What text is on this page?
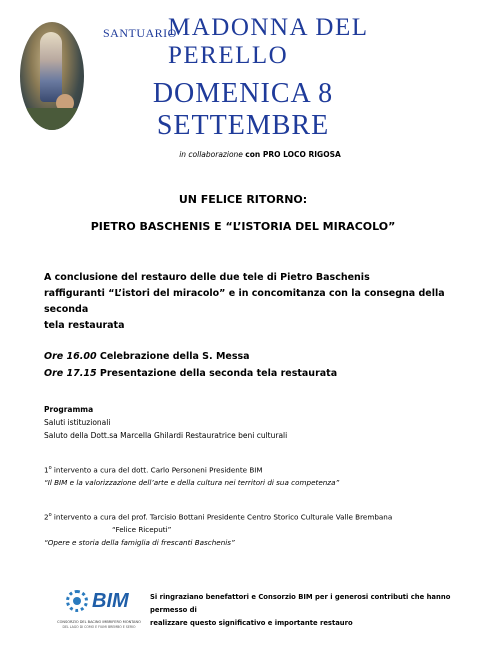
SANTUARIO
MADONNA DEL PERELLO
DOMENICA 8 SETTEMBRE
in collaborazione con PRO LOCO RIGOSA
UN FELICE RITORNO:
PIETRO BASCHENIS E “L’ISTORIA DEL MIRACOLO”
A conclusione del restauro delle due tele di Pietro Baschenis
raffiguranti “L’istori del miracolo” e in concomitanza con la consegna della seconda
tela restaurata
Ore 16.00 Celebrazione della S. Messa
Ore 17.15 Presentazione della seconda tela restaurata
Programma
Saluti istituzionali
Saluto della Dott.sa Marcella Ghilardi Restauratrice beni culturali
1$^o$ intervento a cura del dott. Carlo Personeni Presidente BIM
“Il BIM e la valorizzazione dell’arte e della cultura nei territori di sua competenza”
2$^o$ intervento a cura del prof. Tarcisio Bottani Presidente Centro Storico Culturale Valle Brembana
“Felice Riceputi”
“Opere e storia della famiglia di frescanti Baschenis”
BIM
CONSORZIO DEL BACINO IMBRIFERO MONTANO
DEL LAGO DI COMO E FIUMI BREMBO E SERIO
Si ringraziano benefattori e Consorzio BIM per i generosi contributi che hanno permesso di
realizzare questo significativo e importante restauro
